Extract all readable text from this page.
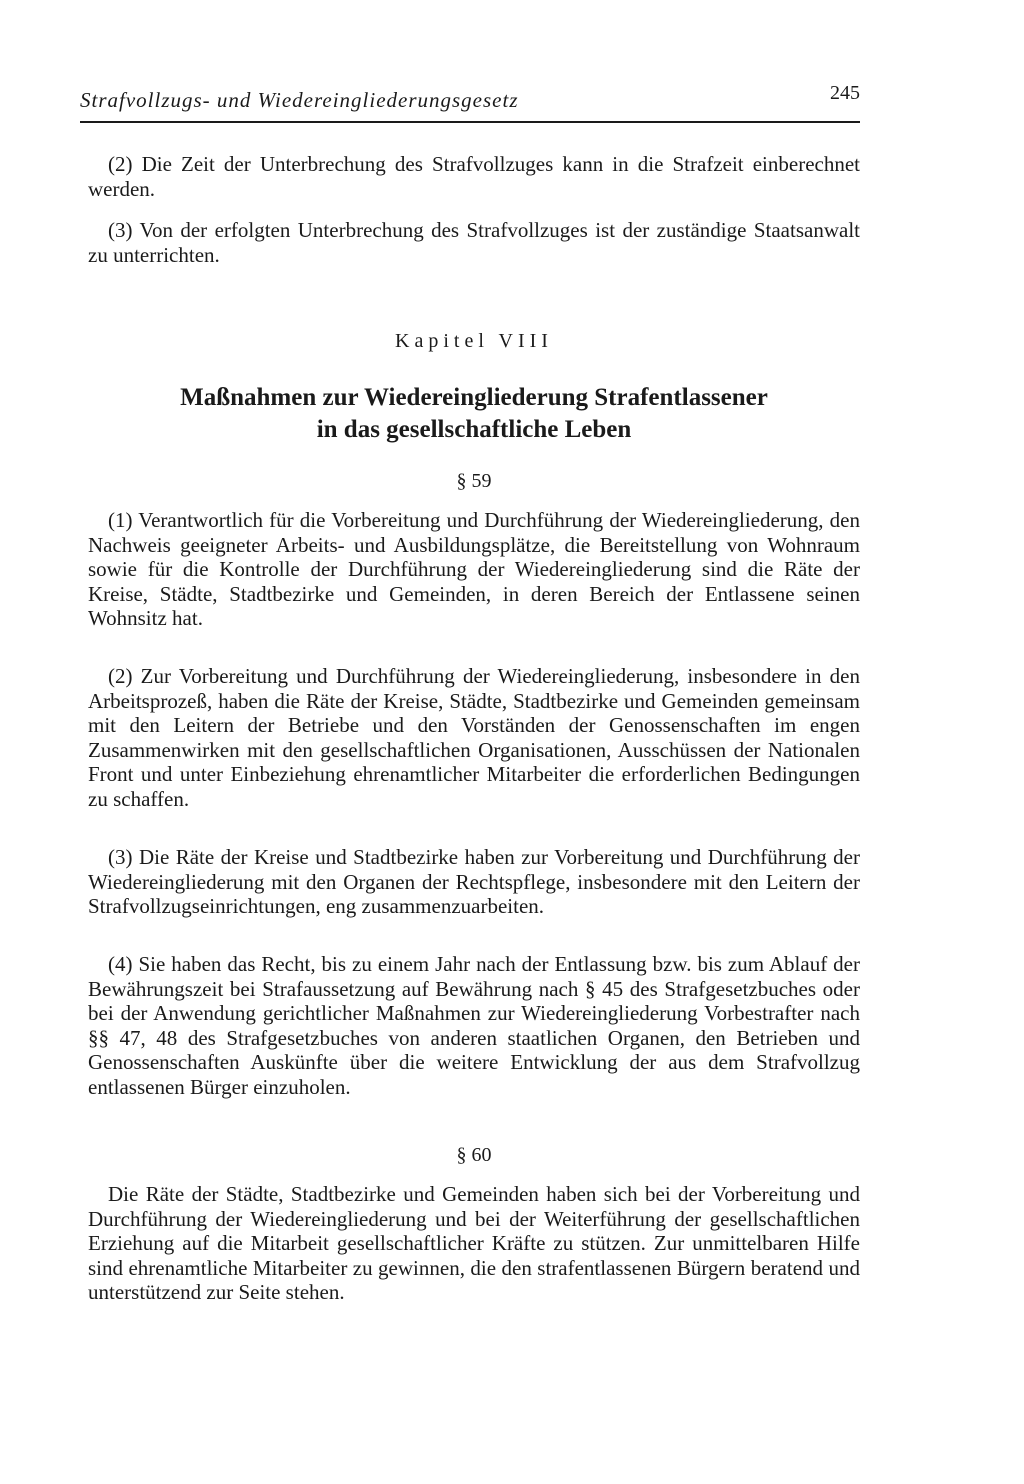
Strafvollzugs- und Wiedereingliederungsgesetz	245

(2) Die Zeit der Unterbrechung des Strafvollzuges kann in die Strafzeit einberechnet werden.

(3) Von der erfolgten Unterbrechung des Strafvollzuges ist der zuständige Staatsanwalt zu unterrichten.

Kapitel VIII
Maßnahmen zur Wiedereingliederung Strafentlassener
in das gesellschaftliche Leben
§ 59

(1) Verantwortlich für die Vorbereitung und Durchführung der Wiedereingliederung, den Nachweis geeigneter Arbeits- und Ausbildungsplätze, die Bereitstellung von Wohnraum sowie für die Kontrolle der Durchführung der Wiedereingliederung sind die Räte der Kreise, Städte, Stadtbezirke und Gemeinden, in deren Bereich der Entlassene seinen Wohnsitz hat.

(2) Zur Vorbereitung und Durchführung der Wiedereingliederung, insbesondere in den Arbeitsprozeß, haben die Räte der Kreise, Städte, Stadtbezirke und Gemeinden gemeinsam mit den Leitern der Betriebe und den Vorständen der Genossenschaften im engen Zusammenwirken mit den gesellschaftlichen Organisationen, Ausschüssen der Nationalen Front und unter Einbeziehung ehrenamtlicher Mitarbeiter die erforderlichen Bedingungen zu schaffen.

(3) Die Räte der Kreise und Stadtbezirke haben zur Vorbereitung und Durchführung der Wiedereingliederung mit den Organen der Rechtspflege, insbesondere mit den Leitern der Strafvollzugseinrichtungen, eng zusammenzuarbeiten.

(4) Sie haben das Recht, bis zu einem Jahr nach der Entlassung bzw. bis zum Ablauf der Bewährungszeit bei Strafaussetzung auf Bewährung nach § 45 des Strafgesetzbuches oder bei der Anwendung gerichtlicher Maßnahmen zur Wiedereingliederung Vorbestrafter nach §§ 47, 48 des Strafgesetzbuches von anderen staatlichen Organen, den Betrieben und Genossenschaften Auskünfte über die weitere Entwicklung der aus dem Strafvollzug entlassenen Bürger einzuholen.

§ 60

Die Räte der Städte, Stadtbezirke und Gemeinden haben sich bei der Vorbereitung und Durchführung der Wiedereingliederung und bei der Weiterführung der gesellschaftlichen Erziehung auf die Mitarbeit gesellschaftlicher Kräfte zu stützen. Zur unmittelbaren Hilfe sind ehrenamtliche Mitarbeiter zu gewinnen, die den strafentlassenen Bürgern beratend und unterstützend zur Seite stehen.
